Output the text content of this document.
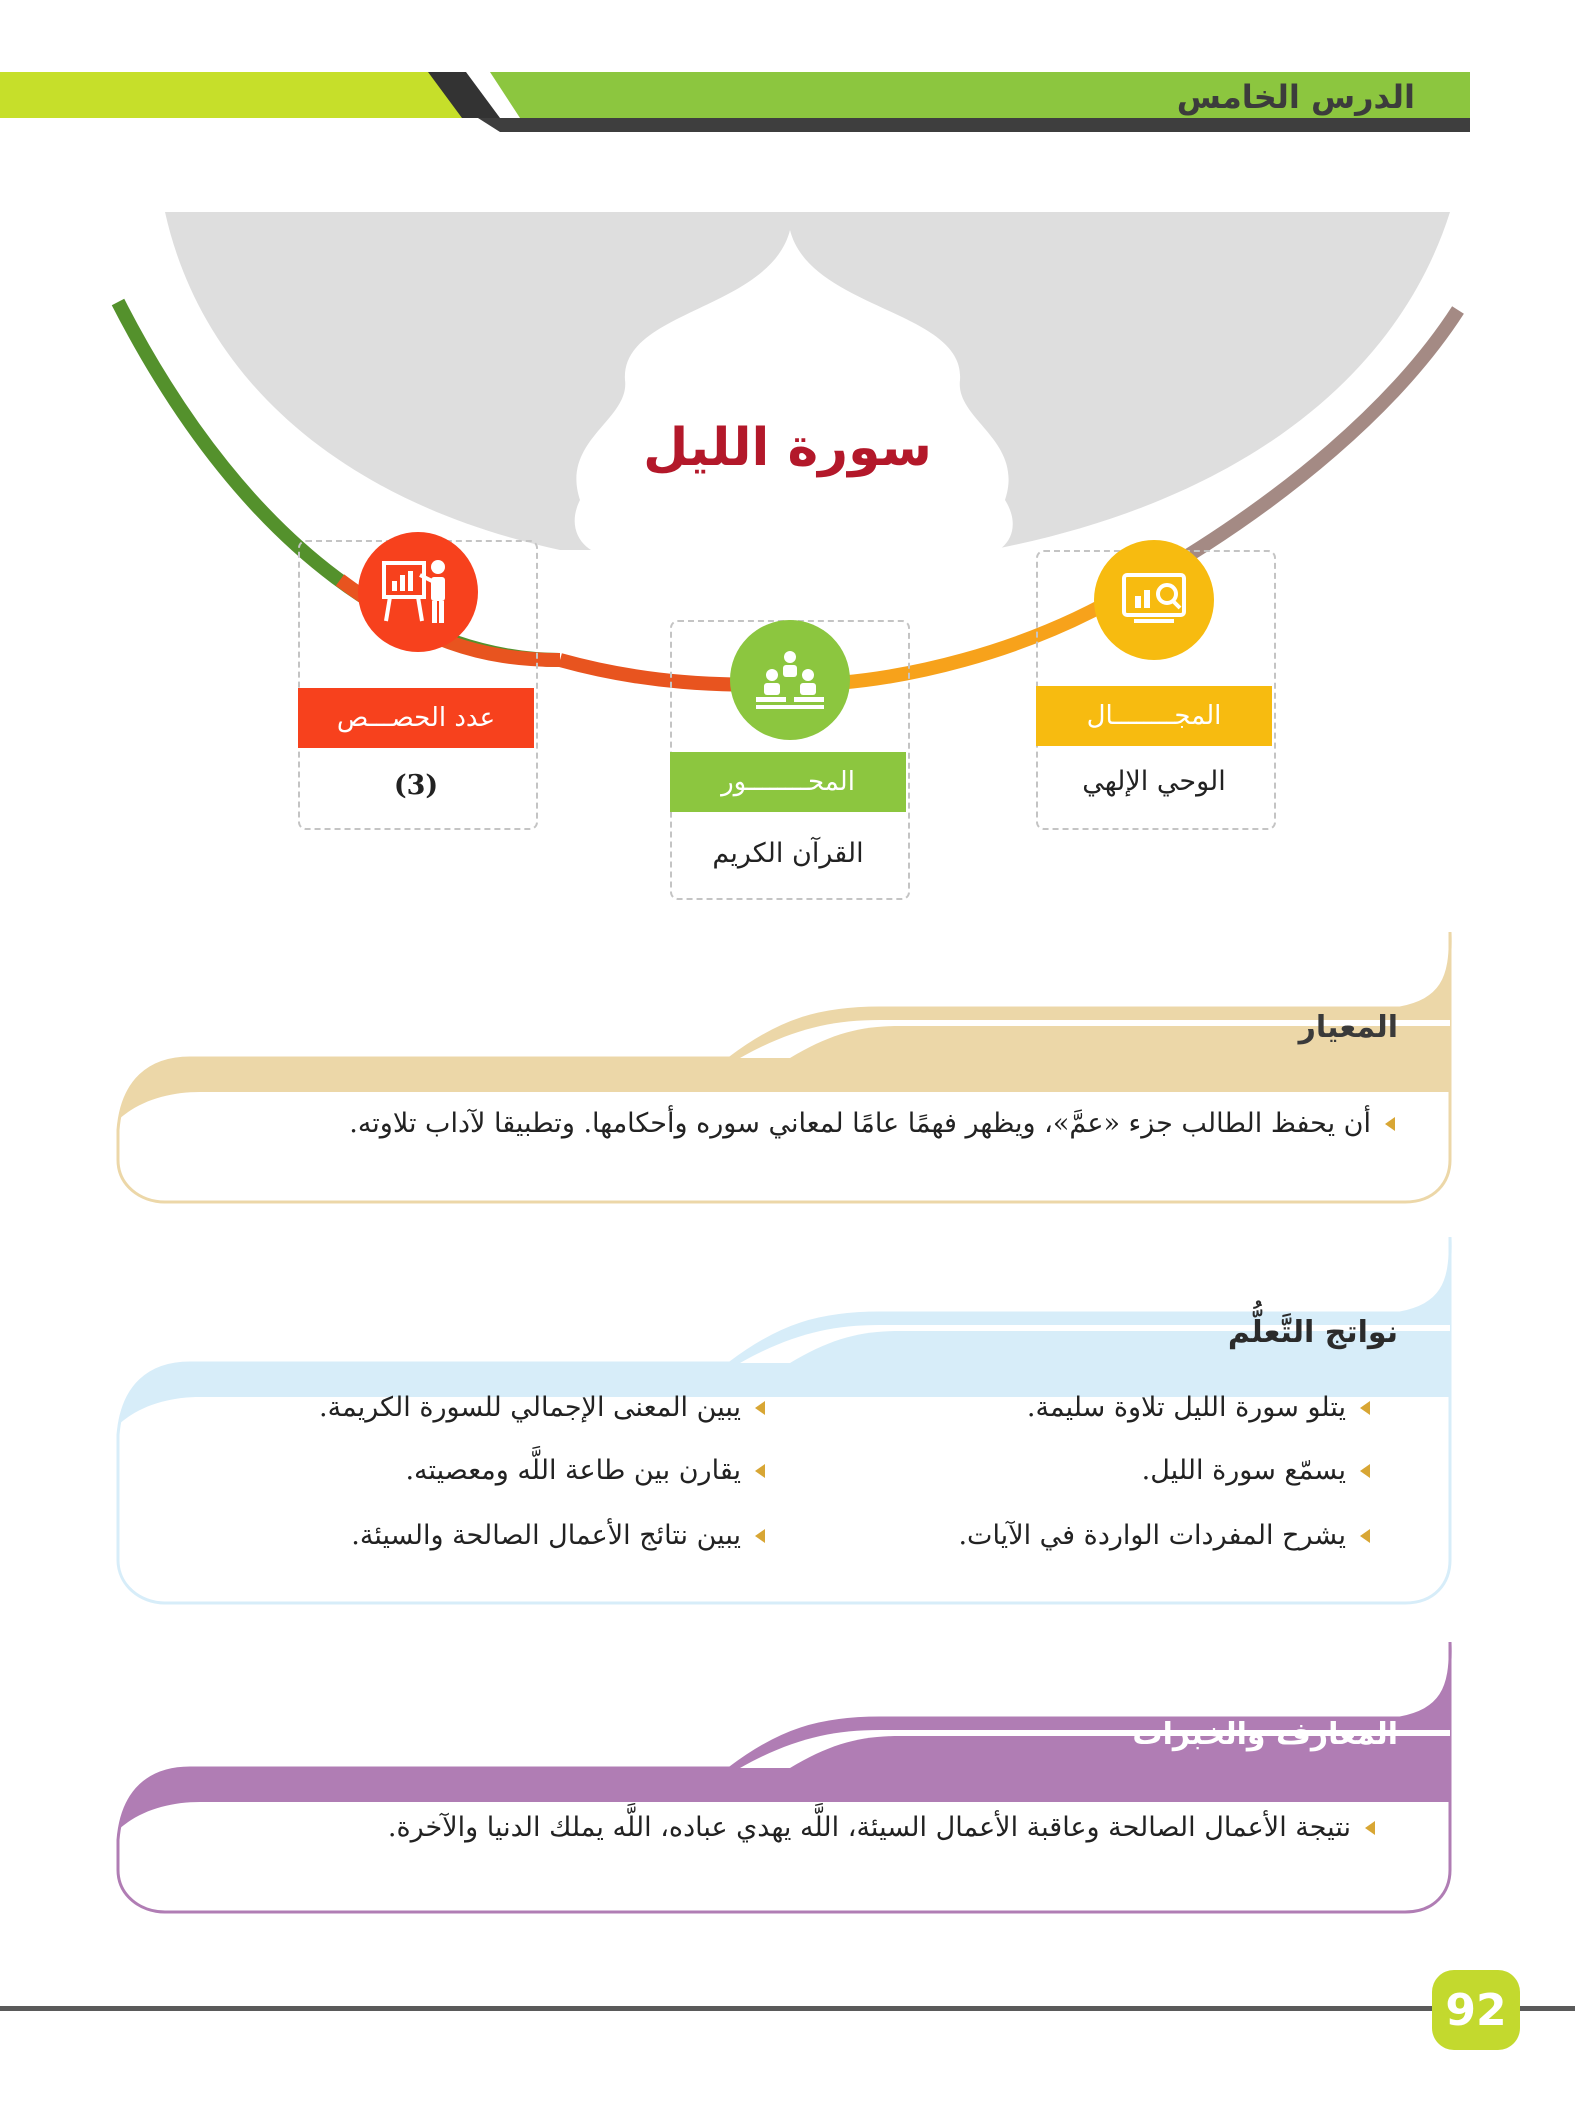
الدرس الخامس
سورة الليل
المجــــــــال
الوحي الإلهي
المحــــــــور
القرآن الكريم
عدد الحصـــص
(3)
المعيار
أن يحفظ الطالب جزء «عمَّ»، ويظهر فهمًا عامًا لمعاني سوره وأحكامها. وتطبيقا لآداب تلاوته.
نواتج التَّعلُّم
يتلو سورة الليل تلاوة سليمة.
يسمّع سورة الليل.
يشرح المفردات الواردة في الآيات.
يبين المعنى الإجمالي للسورة الكريمة.
يقارن بين طاعة اللَّه ومعصيته.
يبين نتائج الأعمال الصالحة والسيئة.
المعارف والخبرات
نتيجة الأعمال الصالحة وعاقبة الأعمال السيئة، اللَّه يهدي عباده، اللَّه يملك الدنيا والآخرة.
92
